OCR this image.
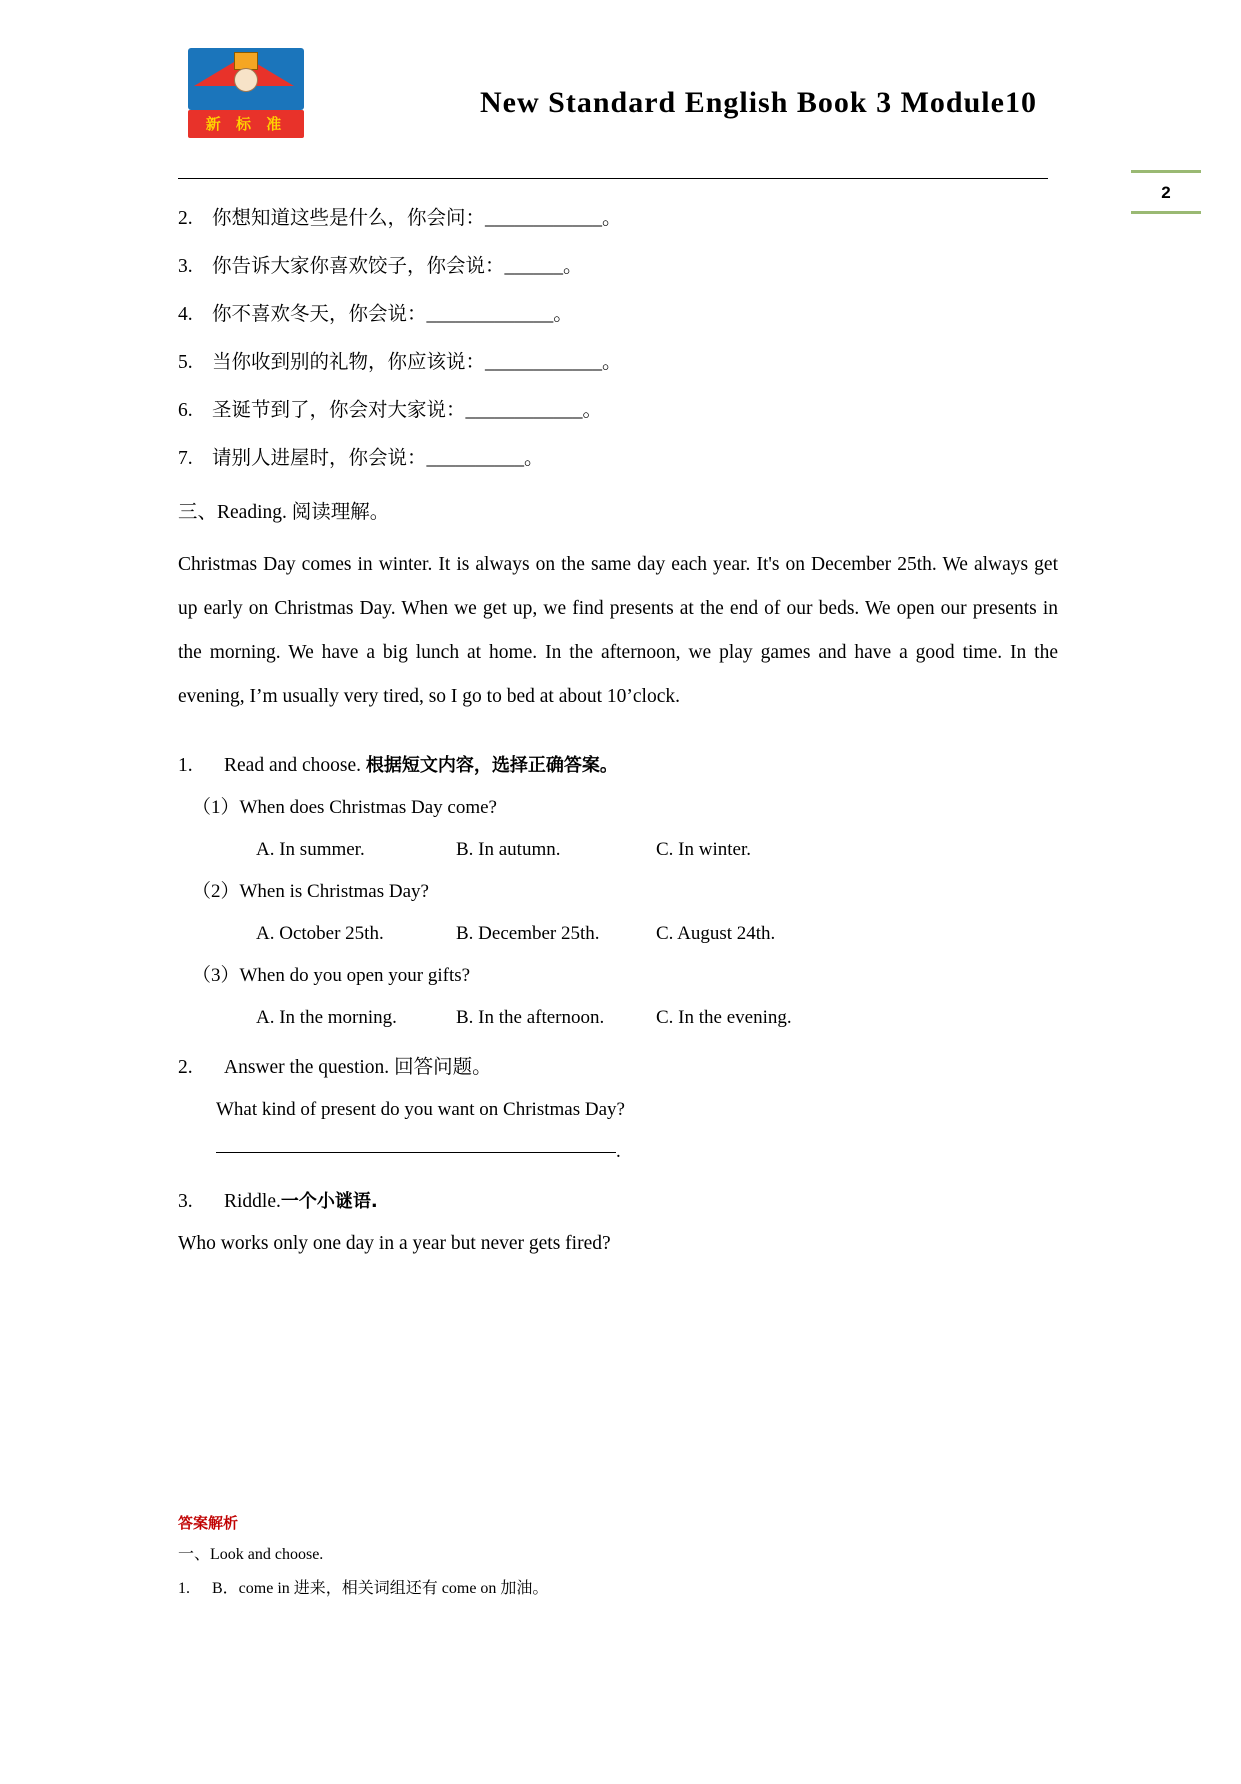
新 标 准
New Standard English Book 3 Module10
2
2. 你想知道这些是什么，你会问：____________。
3. 你告诉大家你喜欢饺子，你会说：______。
4. 你不喜欢冬天，你会说：_____________。
5. 当你收到别的礼物，你应该说：____________。
6. 圣诞节到了，你会对大家说：____________。
7. 请别人进屋时，你会说：__________。
三、Reading. 阅读理解。
Christmas Day comes in winter. It is always on the same day each year. It's on December 25th. We always get up early on Christmas Day. When we get up, we find presents at the end of our beds. We open our presents in the morning. We have a big lunch at home. In the afternoon, we play games and have a good time. In the evening, I’m usually very tired, so I go to bed at about 10’clock.
1. Read and choose. 根据短文内容，选择正确答案。
（1）When does Christmas Day come?
A. In summer.	B. In autumn.	C. In winter.
（2）When is Christmas Day?
A. October 25th.	B. December 25th.	C. August 24th.
（3）When do you open your gifts?
A. In the morning.	B. In the afternoon.	C. In the evening.
2. Answer the question. 回答问题。
What kind of present do you want on Christmas Day?
.
3. Riddle.一个小谜语.
Who works only one day in a year but never gets fired?
答案解析
一、Look and choose.
1. B．come in 进来，相关词组还有 come on 加油。
